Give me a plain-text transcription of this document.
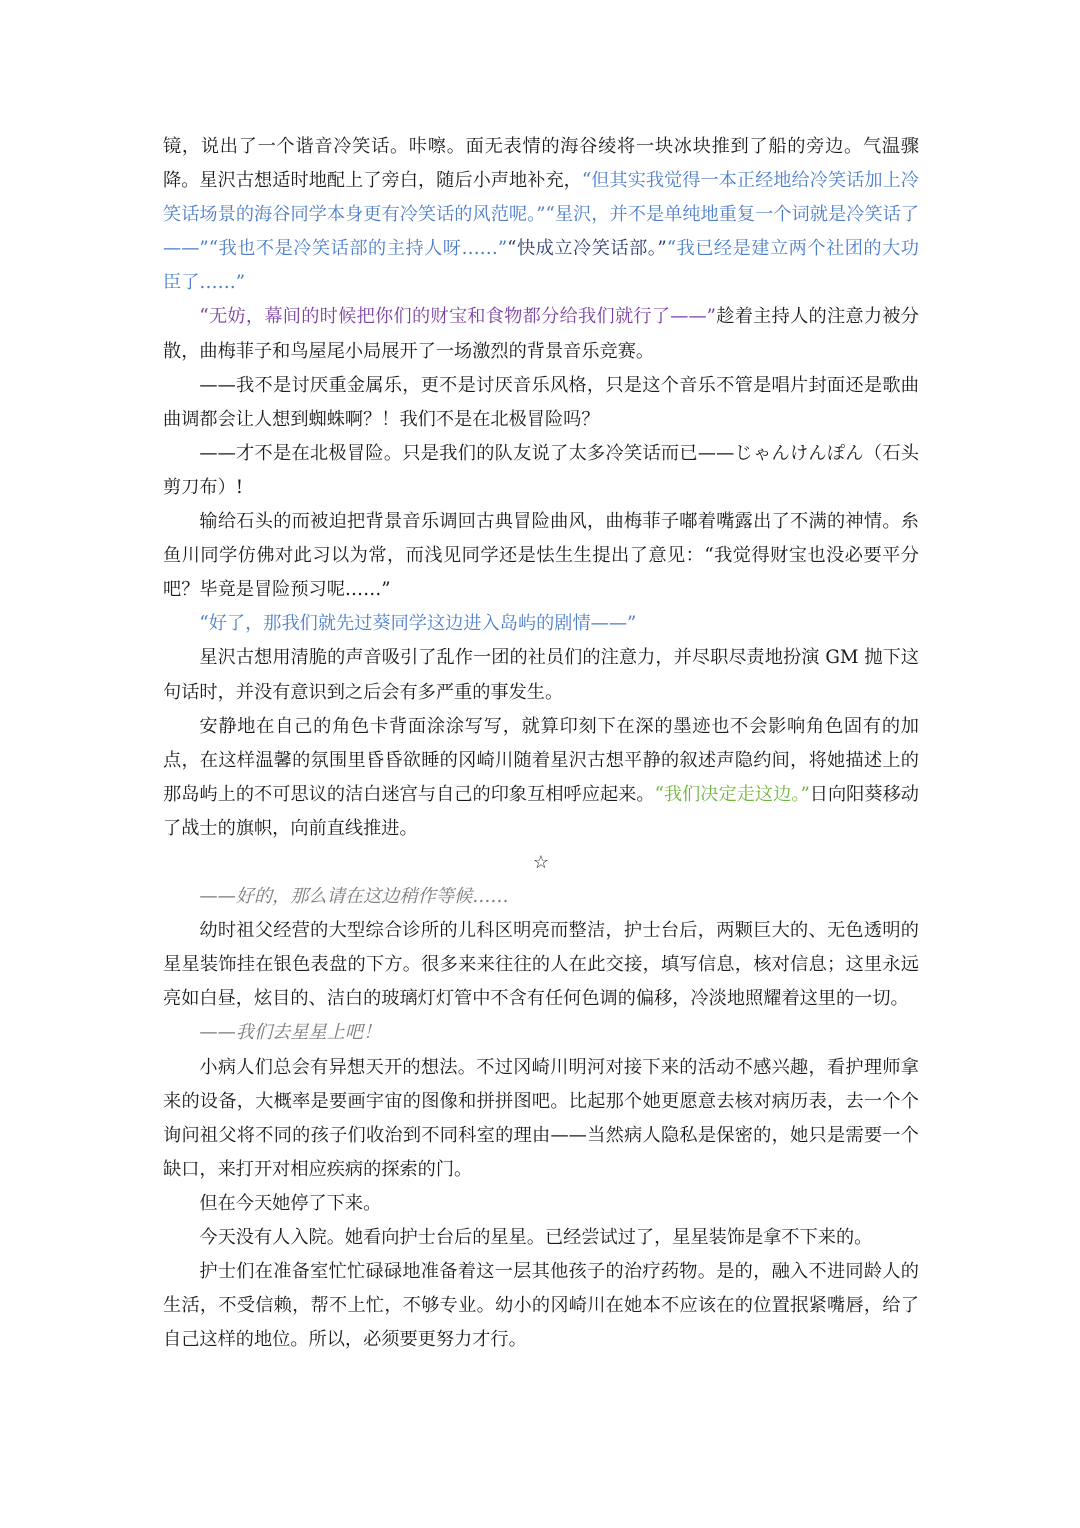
镜，说出了一个谐音冷笑话。咔嚓。面无表情的海谷绫将一块冰块推到了船的旁边。气温骤降。星沢古想适时地配上了旁白，随后小声地补充，“但其实我觉得一本正经地给冷笑话加上冷笑话场景的海谷同学本身更有冷笑话的风范呢。”“星沢，并不是单纯地重复一个词就是冷笑话了——”“我也不是冷笑话部的主持人呀……”“快成立冷笑话部。”“我已经是建立两个社团的大功臣了……”

“无妨，幕间的时候把你们的财宝和食物都分给我们就行了——”趁着主持人的注意力被分散，曲梅菲子和鸟屋尾小局展开了一场激烈的背景音乐竞赛。

——我不是讨厌重金属乐，更不是讨厌音乐风格，只是这个音乐不管是唱片封面还是歌曲曲调都会让人想到蜘蛛啊？！我们不是在北极冒险吗？

——才不是在北极冒险。只是我们的队友说了太多冷笑话而已——じゃんけんぽん（石头剪刀布）!

输给石头的而被迫把背景音乐调回古典冒险曲风，曲梅菲子嘟着嘴露出了不满的神情。糸鱼川同学仿佛对此习以为常，而浅见同学还是怯生生提出了意见：“我觉得财宝也没必要平分吧？毕竟是冒险预习呢……”

“好了，那我们就先过葵同学这边进入岛屿的剧情——”

星沢古想用清脆的声音吸引了乱作一团的社员们的注意力，并尽职尽责地扮演 GM 抛下这句话时，并没有意识到之后会有多严重的事发生。

安静地在自己的角色卡背面涂涂写写，就算印刻下在深的墨迹也不会影响角色固有的加点，在这样温馨的氛围里昏昏欲睡的冈崎川随着星沢古想平静的叙述声隐约间，将她描述上的那岛屿上的不可思议的洁白迷宫与自己的印象互相呼应起来。“我们决定走这边。”日向阳葵移动了战士的旗帜，向前直线推进。

☆

——好的，那么请在这边稍作等候……

幼时祖父经营的大型综合诊所的儿科区明亮而整洁，护士台后，两颗巨大的、无色透明的星星装饰挂在银色表盘的下方。很多来来往往的人在此交接，填写信息，核对信息；这里永远亮如白昼，炫目的、洁白的玻璃灯灯管中不含有任何色调的偏移，冷淡地照耀着这里的一切。

——我们去星星上吧！

小病人们总会有异想天开的想法。不过冈崎川明河对接下来的活动不感兴趣，看护理师拿来的设备，大概率是要画宇宙的图像和拼拼图吧。比起那个她更愿意去核对病历表，去一个个询问祖父将不同的孩子们收治到不同科室的理由——当然病人隐私是保密的，她只是需要一个缺口，来打开对相应疾病的探索的门。

但在今天她停了下来。

今天没有人入院。她看向护士台后的星星。已经尝试过了，星星装饰是拿不下来的。

护士们在准备室忙忙碌碌地准备着这一层其他孩子的治疗药物。是的，融入不进同龄人的生活，不受信赖，帮不上忙，不够专业。幼小的冈崎川在她本不应该在的位置抿紧嘴唇，给了自己这样的地位。所以，必须要更努力才行。
